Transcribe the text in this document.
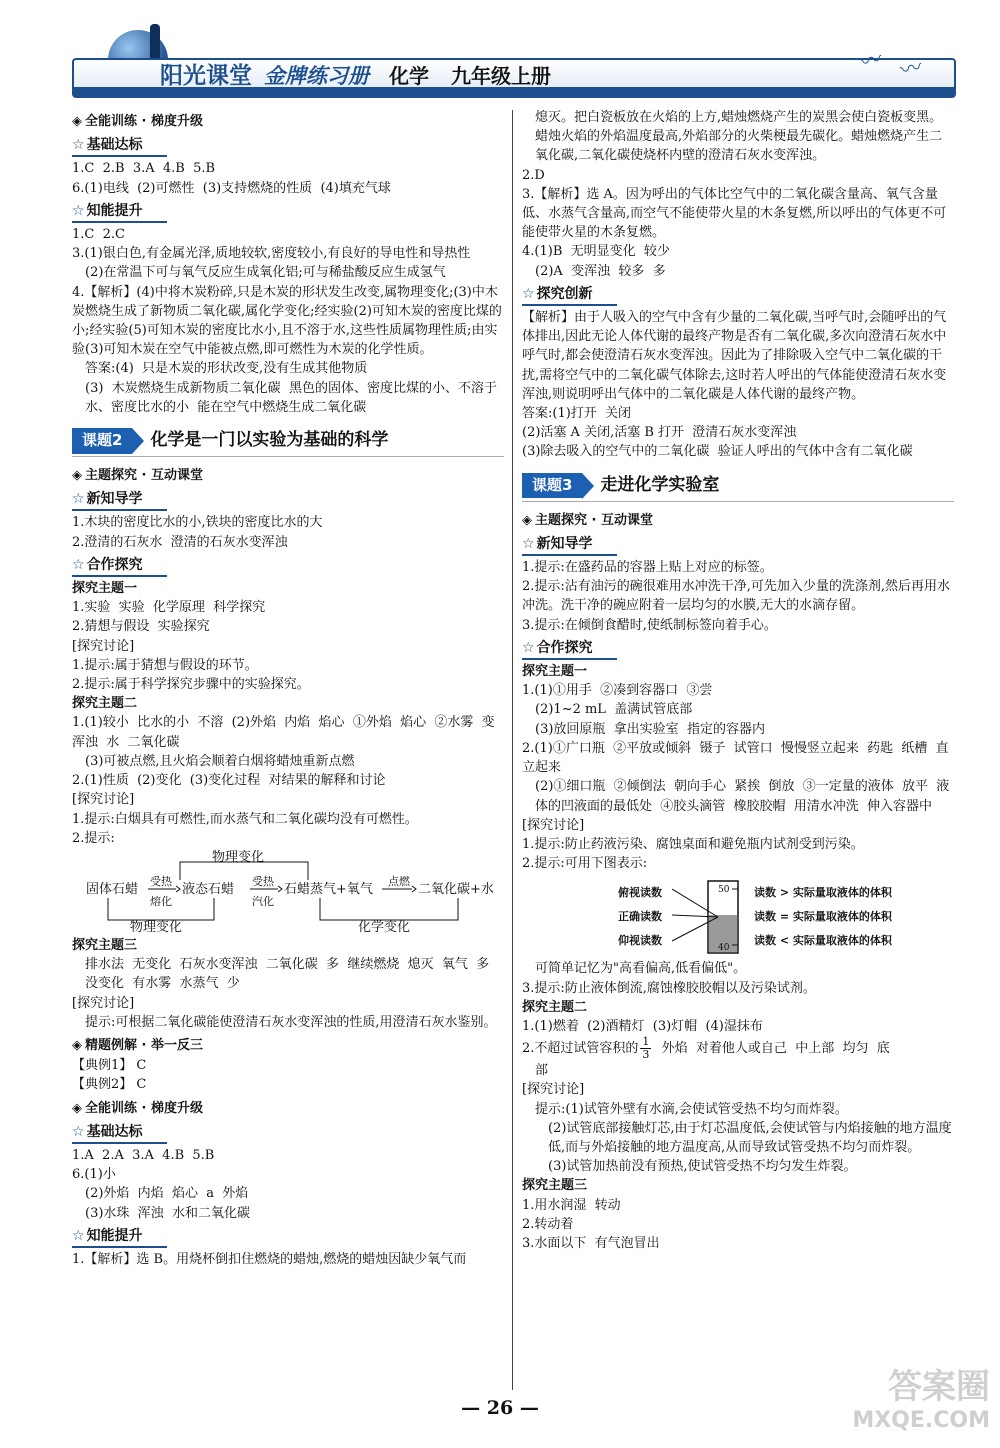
阳光课堂 金牌练习册 化学 九年级上册
〰 〰
◈ 全能训练 · 梯度升级
☆ 基础达标

1.C  2.B  3.A  4.B  5.B

6.(1)电线  (2)可燃性  (3)支持燃烧的性质  (4)填充气球

☆ 知能提升

1.C  2.C

3.(1)银白色,有金属光泽,质地较软,密度较小,有良好的导电性和导热性

(2)在常温下可与氧气反应生成氧化铝;可与稀盐酸反应生成氢气

4.【解析】(4)中将木炭粉碎,只是木炭的形状发生改变,属物理变化;(3)中木炭燃烧生成了新物质二氧化碳,属化学变化;经实验(2)可知木炭的密度比煤的小;经实验(5)可知木炭的密度比水小,且不溶于水,这些性质属物理性质;由实验(3)可知木炭在空气中能被点燃,即可燃性为木炭的化学性质。

答案:(4)  只是木炭的形状改变,没有生成其他物质

(3)  木炭燃烧生成新物质二氧化碳  黑色的固体、密度比煤的小、不溶于水、密度比水的小  能在空气中燃烧生成二氧化碳

课题2	化学是一门以实验为基础的科学
◈ 主题探究 · 互动课堂
☆ 新知导学

1.木块的密度比水的小,铁块的密度比水的大

2.澄清的石灰水  澄清的石灰水变浑浊

☆ 合作探究

探究主题一

1.实验  实验  化学原理  科学探究

2.猜想与假设  实验探究

[探究讨论]

1.提示:属于猜想与假设的环节。

2.提示:属于科学探究步骤中的实验探究。

探究主题二

1.(1)较小  比水的小  不溶  (2)外焰  内焰  焰心  ①外焰  焰心  ②水雾  变浑浊  水  二氧化碳

(3)可被点燃,且火焰会顺着白烟将蜡烛重新点燃

2.(1)性质  (2)变化  (3)变化过程  对结果的解释和讨论

[探究讨论]

1.提示:白烟具有可燃性,而水蒸气和二氧化碳均没有可燃性。

2.提示:

物理变化
固体石蜡
受热
熔化
液态石蜡
受热
汽化
石蜡蒸气+氧气
点燃
二氧化碳+水
物理变化	化学变化

探究主题三

排水法  无变化  石灰水变浑浊  二氧化碳  多  继续燃烧  熄灭  氧气  多  没变化  有水雾  水蒸气  少

[探究讨论]

提示:可根据二氧化碳能使澄清石灰水变浑浊的性质,用澄清石灰水鉴别。

◈ 精题例解 · 举一反三

【典例1】 C

【典例2】 C

◈ 全能训练 · 梯度升级
☆ 基础达标

1.A  2.A  3.A  4.B  5.B

6.(1)小

(2)外焰  内焰  焰心  a  外焰

(3)水珠  浑浊  水和二氧化碳

☆ 知能提升

1.【解析】选 B。用烧杯倒扣住燃烧的蜡烛,燃烧的蜡烛因缺少氧气而

熄灭。把白瓷板放在火焰的上方,蜡烛燃烧产生的炭黑会使白瓷板变黑。蜡烛火焰的外焰温度最高,外焰部分的火柴梗最先碳化。蜡烛燃烧产生二氧化碳,二氧化碳使烧杯内壁的澄清石灰水变浑浊。

2.D

3.【解析】选 A。因为呼出的气体比空气中的二氧化碳含量高、氧气含量低、水蒸气含量高,而空气不能使带火星的木条复燃,所以呼出的气体更不可能使带火星的木条复燃。

4.(1)B  无明显变化  较少

(2)A  变浑浊  较多  多

☆ 探究创新

【解析】由于人吸入的空气中含有少量的二氧化碳,当呼气时,会随呼出的气体排出,因此无论人体代谢的最终产物是否有二氧化碳,多次向澄清石灰水中呼气时,都会使澄清石灰水变浑浊。因此为了排除吸入空气中二氧化碳的干扰,需将空气中的二氧化碳气体除去,这时若人呼出的气体能使澄清石灰水变浑浊,则说明呼出气体中的二氧化碳是人体代谢的最终产物。

答案:(1)打开  关闭

(2)活塞 A 关闭,活塞 B 打开  澄清石灰水变浑浊

(3)除去吸入的空气中的二氧化碳  验证人呼出的气体中含有二氧化碳

课题3	走进化学实验室
◈ 主题探究 · 互动课堂
☆ 新知导学

1.提示:在盛药品的容器上贴上对应的标签。

2.提示:沾有油污的碗很难用水冲洗干净,可先加入少量的洗涤剂,然后再用水冲洗。洗干净的碗应附着一层均匀的水膜,无大的水滴存留。

3.提示:在倾倒食醋时,使纸制标签向着手心。

☆ 合作探究

探究主题一

1.(1)①用手  ②凑到容器口  ③尝

(2)1~2 mL  盖满试管底部

(3)放回原瓶  拿出实验室  指定的容器内

2.(1)①广口瓶  ②平放或倾斜  镊子  试管口  慢慢竖立起来  药匙  纸槽  直立起来

(2)①细口瓶  ②倾倒法  朝向手心  紧挨  倒放  ③一定量的液体  放平  液体的凹液面的最低处  ④胶头滴管  橡胶胶帽  用清水冲洗  伸入容器中

[探究讨论]

1.提示:防止药液污染、腐蚀桌面和避免瓶内试剂受到污染。

2.提示:可用下图表示:

俯视读数
正确读数
仰视读数
50
40
读数 > 实际量取液体的体积
读数 = 实际量取液体的体积
读数 < 实际量取液体的体积

可简单记忆为"高看偏高,低看偏低"。

3.提示:防止液体倒流,腐蚀橡胶胶帽以及污染试剂。

探究主题二

1.(1)燃着  (2)酒精灯  (3)灯帽  (4)湿抹布

2.不超过试管容积的 $\frac{1}{3}$ 外焰  对着他人或自己  中上部  均匀  底

部

[探究讨论]

提示:(1)试管外壁有水滴,会使试管受热不均匀而炸裂。

(2)试管底部接触灯芯,由于灯芯温度低,会使试管与内焰接触的地方温度低,而与外焰接触的地方温度高,从而导致试管受热不均匀而炸裂。

(3)试管加热前没有预热,使试管受热不均匀发生炸裂。

探究主题三

1.用水润湿  转动

2.转动着

3.水面以下  有气泡冒出

— 26 —
答案圈
MXQE.COM
